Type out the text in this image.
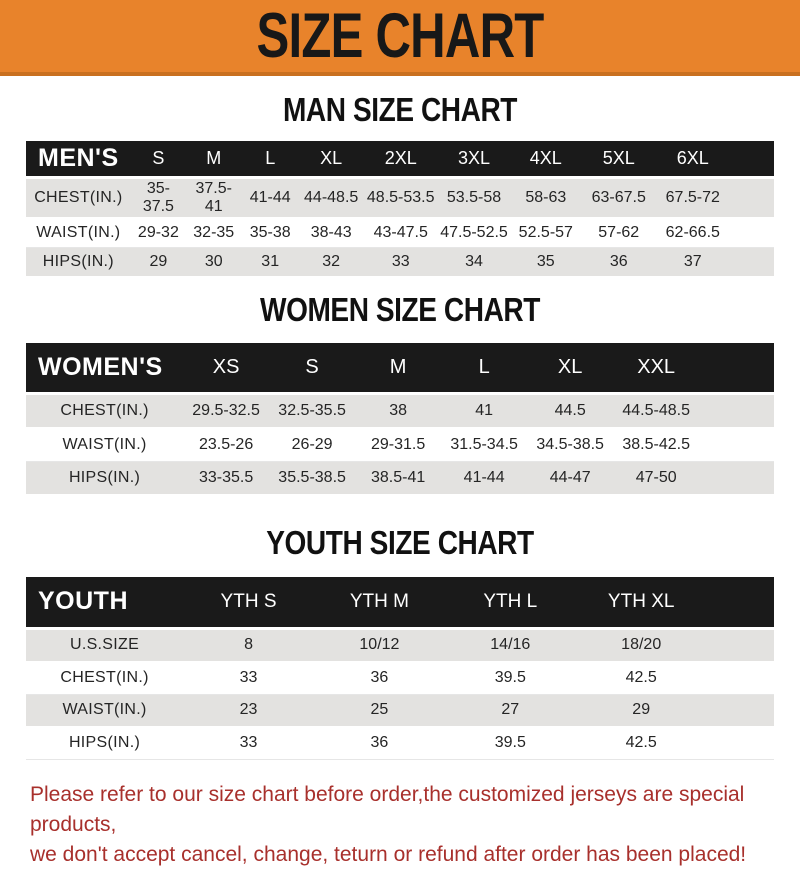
SIZE CHART
MAN SIZE CHART
MEN'S	S	M	L	XL	2XL	3XL	4XL	5XL	6XL	
CHEST(IN.)	35-37.5	37.5-41	41-44	44-48.5	48.5-53.5	53.5-58	58-63	63-67.5	67.5-72	
WAIST(IN.)	29-32	32-35	35-38	38-43	43-47.5	47.5-52.5	52.5-57	57-62	62-66.5	
HIPS(IN.)	29	30	31	32	33	34	35	36	37	
WOMEN SIZE CHART
WOMEN'S	XS	S	M	L	XL	XXL	
CHEST(IN.)	29.5-32.5	32.5-35.5	38	41	44.5	44.5-48.5	
WAIST(IN.)	23.5-26	26-29	29-31.5	31.5-34.5	34.5-38.5	38.5-42.5	
HIPS(IN.)	33-35.5	35.5-38.5	38.5-41	41-44	44-47	47-50	
YOUTH SIZE CHART
YOUTH	YTH S	YTH M	YTH L	YTH XL	
U.S.SIZE	8	10/12	14/16	18/20	
CHEST(IN.)	33	36	39.5	42.5	
WAIST(IN.)	23	25	27	29	
HIPS(IN.)	33	36	39.5	42.5	

Please refer to our size chart before order,the customized jerseys are special products,
we don't accept cancel, change, teturn or refund after order has been placed!
